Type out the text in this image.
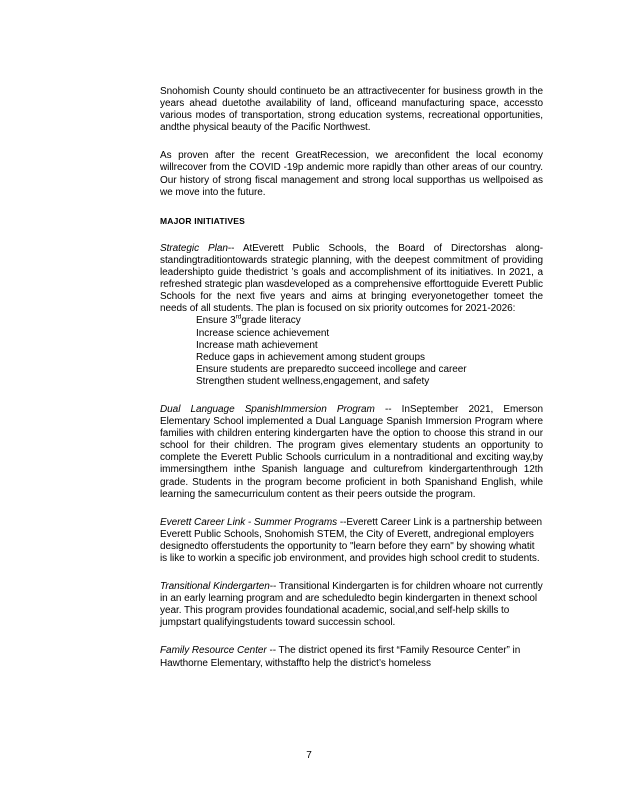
Snohomish County should continueto be an attractivecenter for business growth in the years ahead duetothe availability of land, officeand manufacturing space, accessto various modes of transportation, strong education systems, recreational opportunities, andthe physical beauty of the Pacific Northwest.

As proven after the recent GreatRecession, we areconfident the local economy willrecover from the COVID -19p andemic more rapidly than other areas of our country. Our history of strong fiscal management and strong local supporthas us wellpoised as we move into the future.

MAJOR INITIATIVES

Strategic Plan-- AtEverett Public Schools, the Board of Directorshas along-standingtraditiontowards strategic planning, with the deepest commitment of providing leadershipto guide thedistrict ’s goals and accomplishment of its initiatives. In 2021, a refreshed strategic plan wasdeveloped as a comprehensive efforttoguide Everett Public Schools for the next five years and aims at bringing everyonetogether tomeet the needs of all students. The plan is focused on six priority outcomes for 2021-2026:

Ensure 3rdgrade literacy
Increase science achievement
Increase math achievement
Reduce gaps in achievement among student groups
Ensure students are preparedto succeed incollege and career
Strengthen student wellness,engagement, and safety

Dual Language SpanishImmersion Program -- InSeptember 2021, Emerson Elementary School implemented a Dual Language Spanish Immersion Program where families with children entering kindergarten have the option to choose this strand in our school for their children. The program gives elementary students an opportunity to complete the Everett Public Schools curriculum in a nontraditional and exciting way,by immersingthem inthe Spanish language and culturefrom kindergartenthrough 12th grade. Students in the program become proficient in both Spanishand English, while learning the samecurriculum content as their peers outside the program.

Everett Career Link - Summer Programs --Everett Career Link is a partnership between Everett Public Schools, Snohomish STEM, the City of Everett, andregional employers designedto offerstudents the opportunity to "learn before they earn" by showing whatit is like to workin a specific job environment, and provides high school credit to students.

Transitional Kindergarten-- Transitional Kindergarten is for children whoare not currently in an early learning program and are scheduledto begin kindergarten in thenext school year. This program provides foundational academic, social,and self-help skills to jumpstart qualifyingstudents toward successin school.

Family Resource Center -- The district opened its first “Family Resource Center” in Hawthorne Elementary, withstaffto help the district’s homeless

7
